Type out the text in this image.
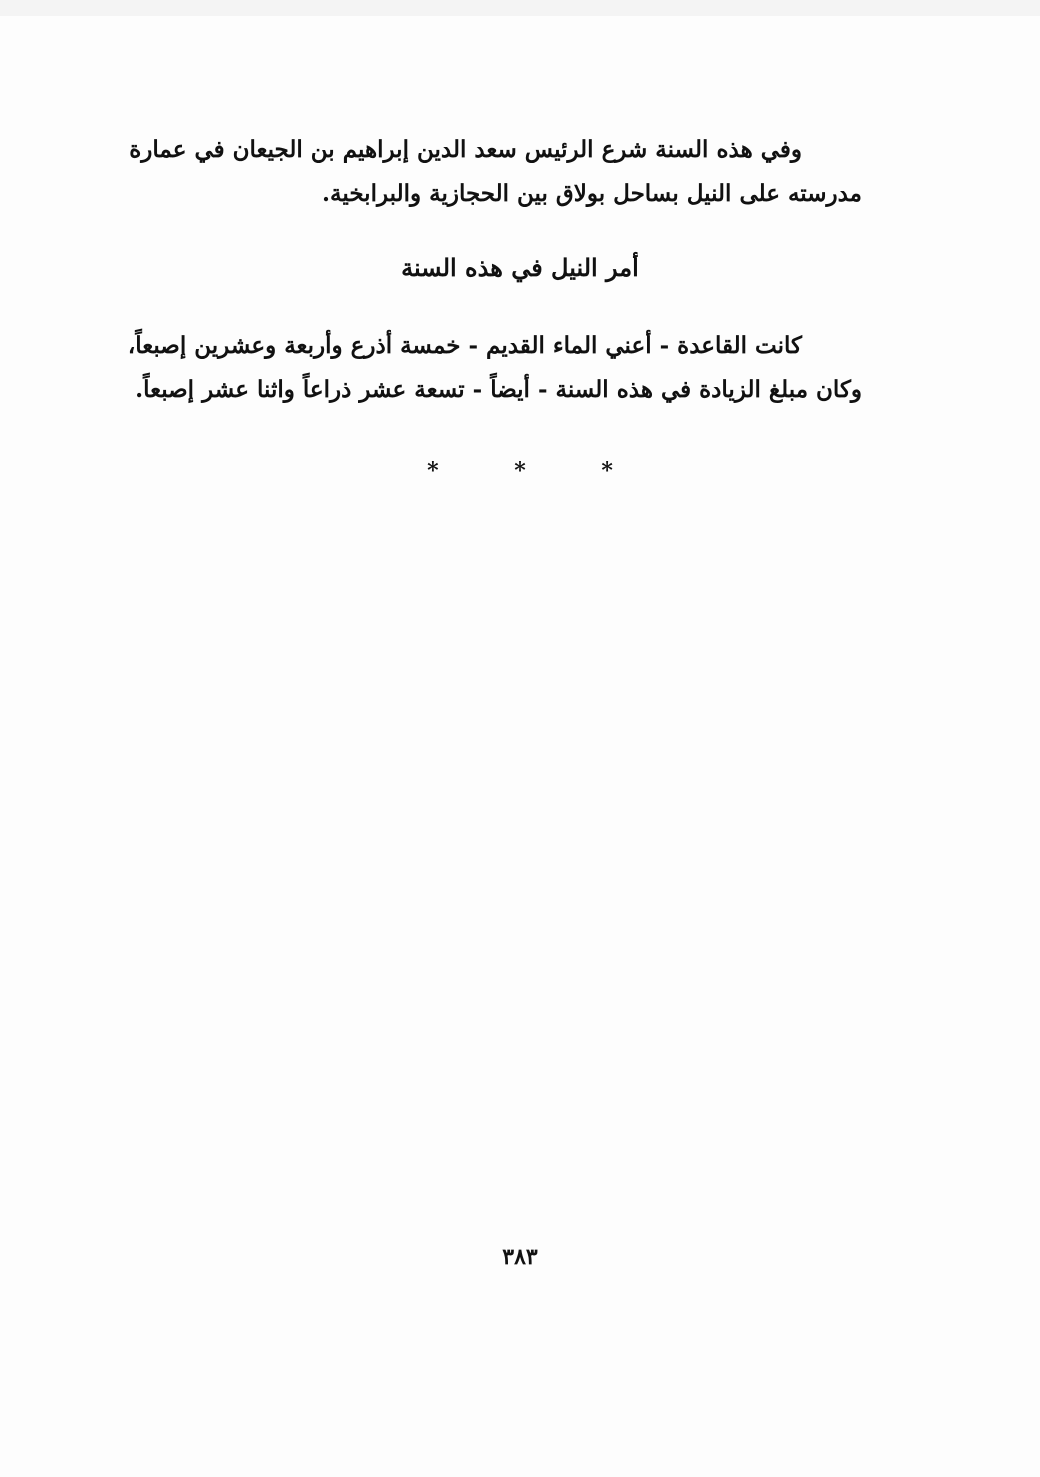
وفي هذه السنة شرع الرئيس سعد الدين إبراهيم بن الجيعان في عمارة
مدرسته على النيل بساحل بولاق بين الحجازية والبرابخية.
أمر النيل في هذه السنة
كانت القاعدة - أعني الماء القديم - خمسة أذرع وأربعة وعشرين إصبعاً،
وكان مبلغ الزيادة في هذه السنة - أيضاً - تسعة عشر ذراعاً واثنا عشر إصبعاً.
* * *
٣٨٣
